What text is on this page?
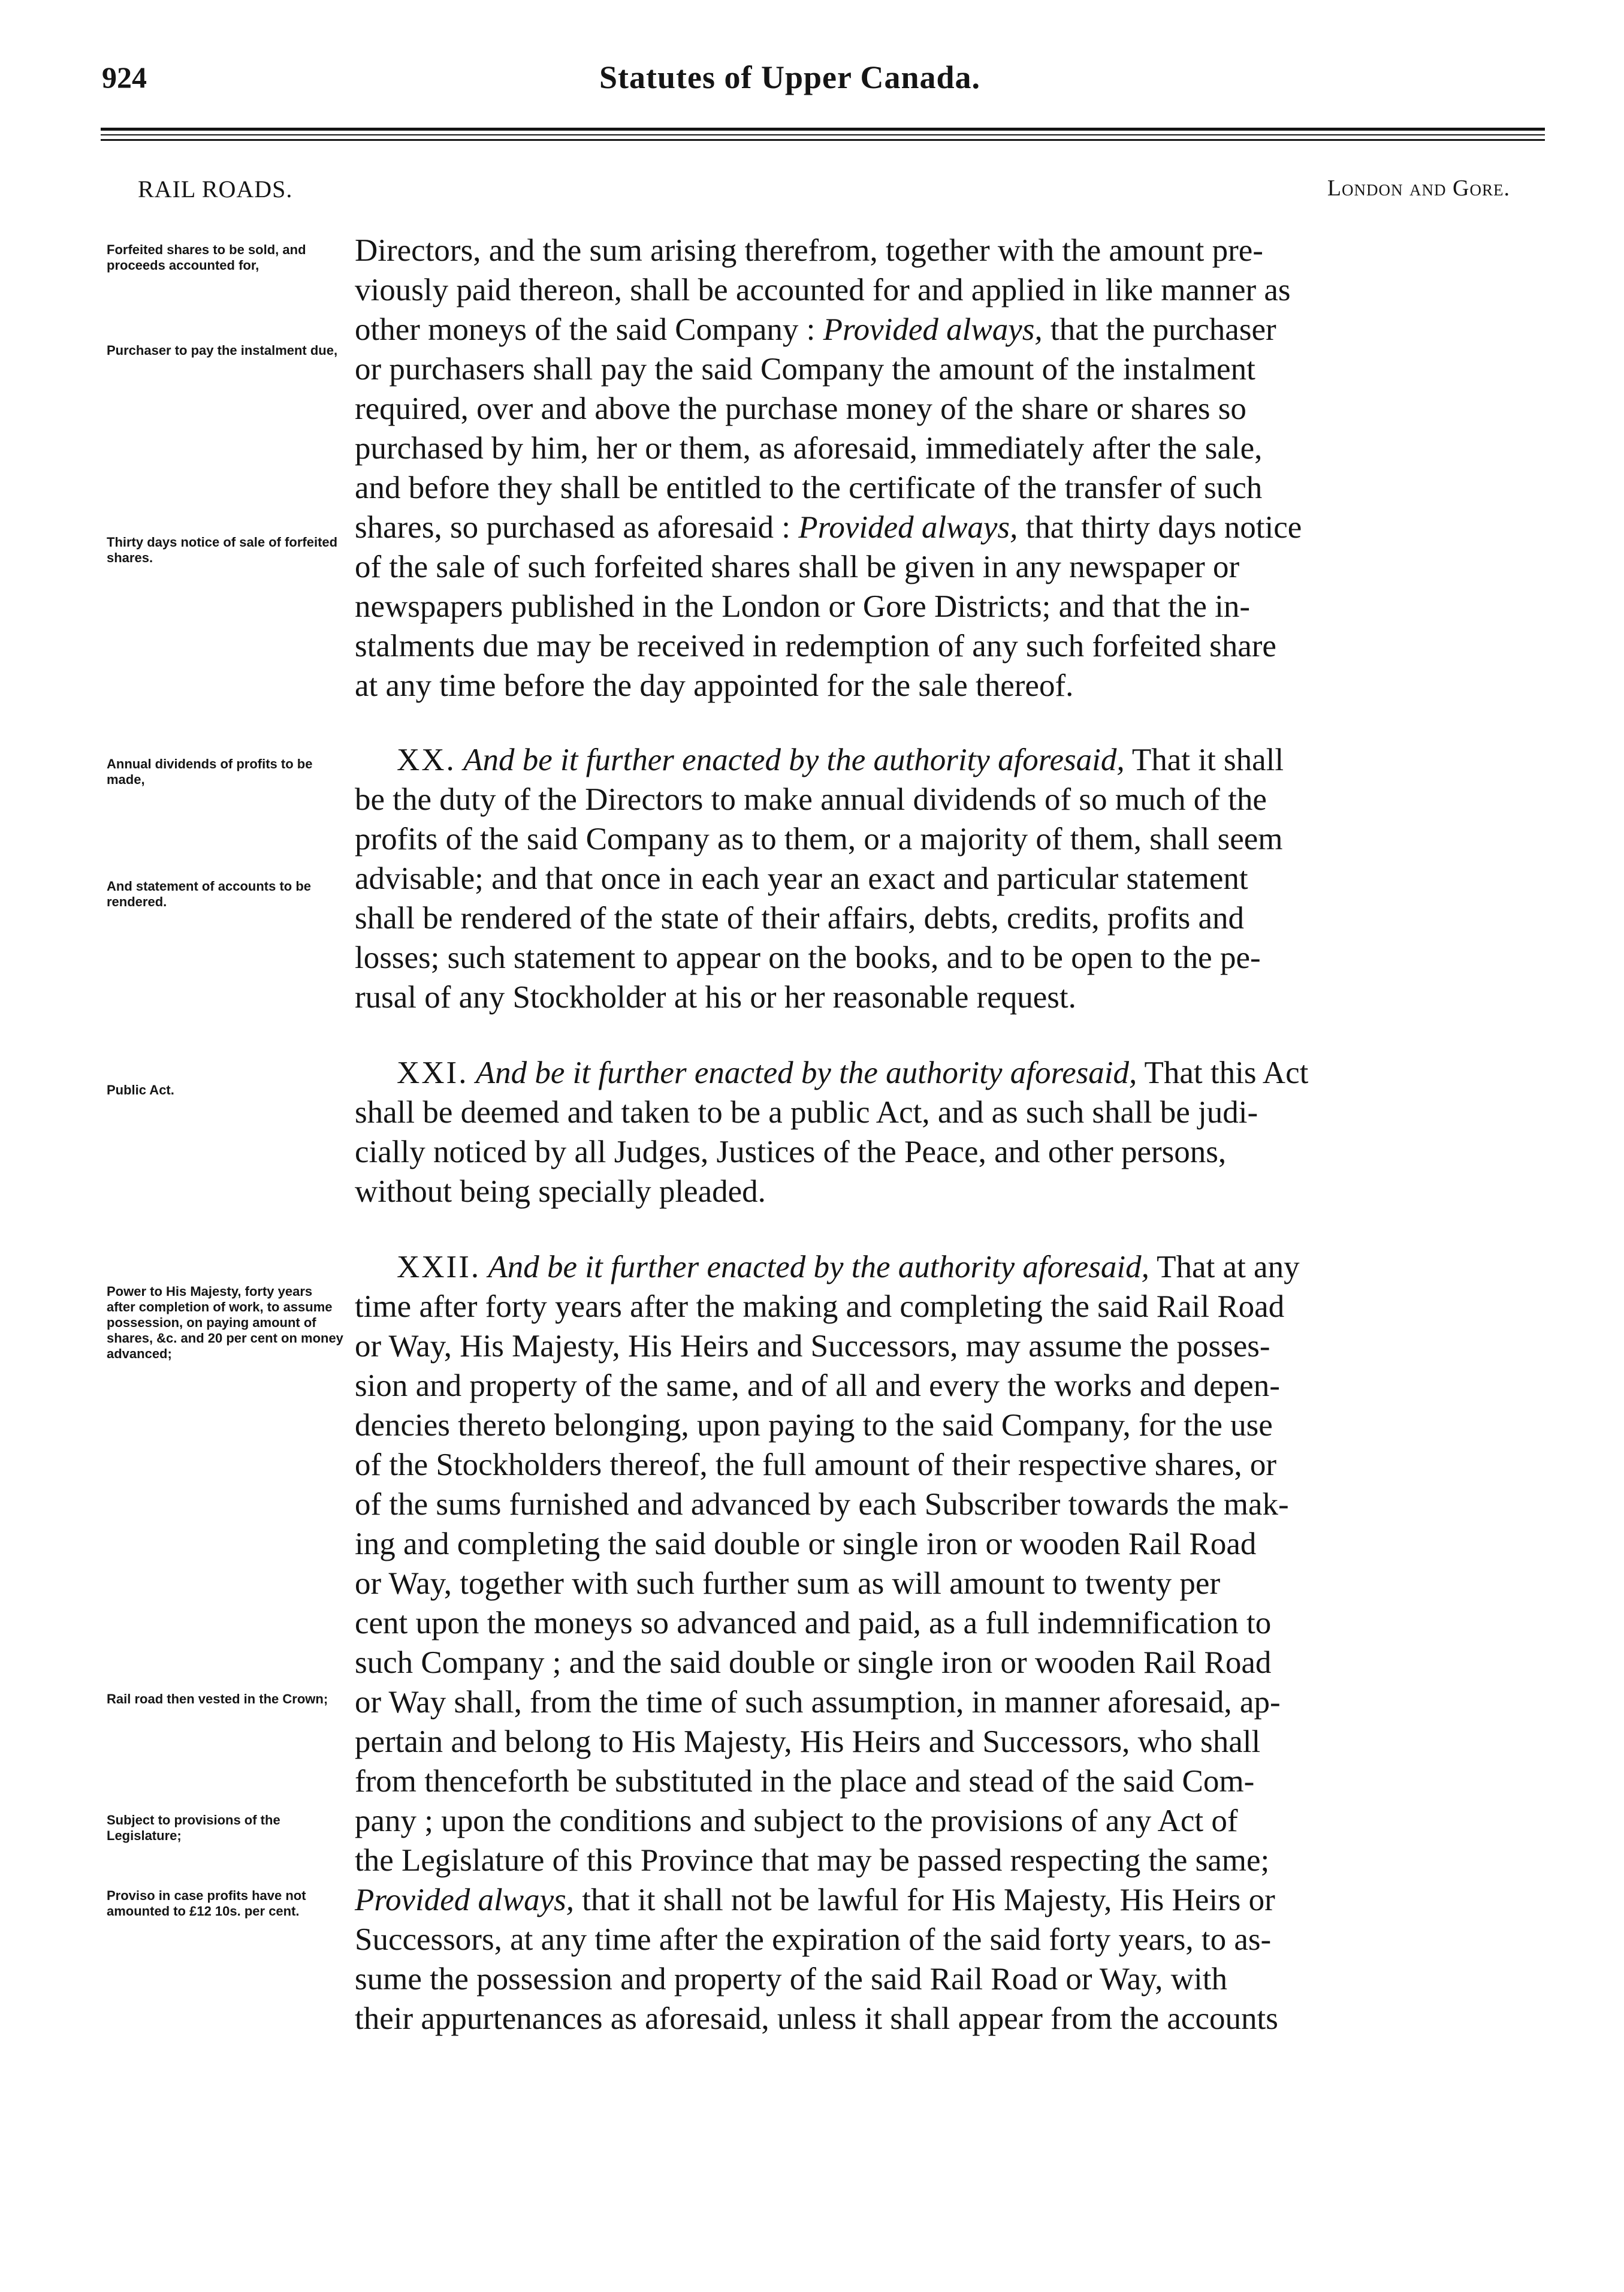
924	Statutes of Upper Canada.
RAIL ROADS.	London and Gore.
Forfeited shares to be sold, and proceeds accounted for,
Purchaser to pay the instalment due,
Thirty days notice of sale of forfeited shares.
Annual dividends of profits to be made,
And statement of accounts to be rendered.
Public Act.
Power to His Majesty, forty years after completion of work, to assume possession, on paying amount of shares, &c. and 20 per cent on money advanced;
Rail road then vested in the Crown;
Subject to provisions of the Legislature;
Proviso in case profits have not amounted to £12 10s. per cent.
Directors, and the sum arising therefrom, together with the amount pre-
viously paid thereon, shall be accounted for and applied in like manner as
other moneys of the said Company : Provided always, that the purchaser
or purchasers shall pay the said Company the amount of the instalment
required, over and above the purchase money of the share or shares so
purchased by him, her or them, as aforesaid, immediately after the sale,
and before they shall be entitled to the certificate of the transfer of such
shares, so purchased as aforesaid : Provided always, that thirty days notice
of the sale of such forfeited shares shall be given in any newspaper or
newspapers published in the London or Gore Districts; and that the in-
stalments due may be received in redemption of any such forfeited share
at any time before the day appointed for the sale thereof.
XX. And be it further enacted by the authority aforesaid, That it shall
be the duty of the Directors to make annual dividends of so much of the
profits of the said Company as to them, or a majority of them, shall seem
advisable; and that once in each year an exact and particular statement
shall be rendered of the state of their affairs, debts, credits, profits and
losses; such statement to appear on the books, and to be open to the pe-
rusal of any Stockholder at his or her reasonable request.
XXI. And be it further enacted by the authority aforesaid, That this Act
shall be deemed and taken to be a public Act, and as such shall be judi-
cially noticed by all Judges, Justices of the Peace, and other persons,
without being specially pleaded.
XXII. And be it further enacted by the authority aforesaid, That at any
time after forty years after the making and completing the said Rail Road
or Way, His Majesty, His Heirs and Successors, may assume the posses-
sion and property of the same, and of all and every the works and depen-
dencies thereto belonging, upon paying to the said Company, for the use
of the Stockholders thereof, the full amount of their respective shares, or
of the sums furnished and advanced by each Subscriber towards the mak-
ing and completing the said double or single iron or wooden Rail Road
or Way, together with such further sum as will amount to twenty per
cent upon the moneys so advanced and paid, as a full indemnification to
such Company ; and the said double or single iron or wooden Rail Road
or Way shall, from the time of such assumption, in manner aforesaid, ap-
pertain and belong to His Majesty, His Heirs and Successors, who shall
from thenceforth be substituted in the place and stead of the said Com-
pany ; upon the conditions and subject to the provisions of any Act of
the Legislature of this Province that may be passed respecting the same;
Provided always, that it shall not be lawful for His Majesty, His Heirs or
Successors, at any time after the expiration of the said forty years, to as-
sume the possession and property of the said Rail Road or Way, with
their appurtenances as aforesaid, unless it shall appear from the accounts
